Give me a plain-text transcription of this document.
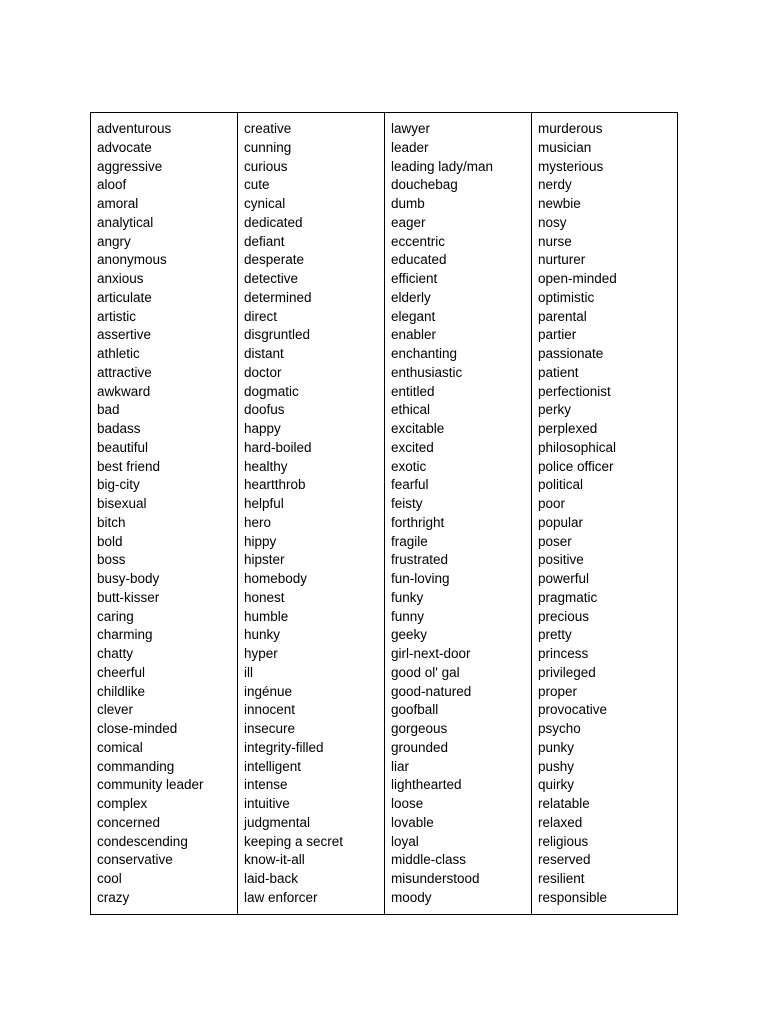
adventurous
advocate
aggressive
aloof
amoral
analytical
angry
anonymous
anxious
articulate
artistic
assertive
athletic
attractive
awkward
bad
badass
beautiful
best friend
big-city
bisexual
bitch
bold
boss
busy-body
butt-kisser
caring
charming
chatty
cheerful
childlike
clever
close-minded
comical
commanding
community leader
complex
concerned
condescending
conservative
cool
crazy
creative
cunning
curious
cute
cynical
dedicated
defiant
desperate
detective
determined
direct
disgruntled
distant
doctor
dogmatic
doofus
happy
hard-boiled
healthy
heartthrob
helpful
hero
hippy
hipster
homebody
honest
humble
hunky
hyper
ill
ingénue
innocent
insecure
integrity-filled
intelligent
intense
intuitive
judgmental
keeping a secret
know-it-all
laid-back
law enforcer
lawyer
leader
leading lady/man
douchebag
dumb
eager
eccentric
educated
efficient
elderly
elegant
enabler
enchanting
enthusiastic
entitled
ethical
excitable
excited
exotic
fearful
feisty
forthright
fragile
frustrated
fun-loving
funky
funny
geeky
girl-next-door
good ol' gal
good-natured
goofball
gorgeous
grounded
liar
lighthearted
loose
lovable
loyal
middle-class
misunderstood
moody
murderous
musician
mysterious
nerdy
newbie
nosy
nurse
nurturer
open-minded
optimistic
parental
partier
passionate
patient
perfectionist
perky
perplexed
philosophical
police officer
political
poor
popular
poser
positive
powerful
pragmatic
precious
pretty
princess
privileged
proper
provocative
psycho
punky
pushy
quirky
relatable
relaxed
religious
reserved
resilient
responsible
